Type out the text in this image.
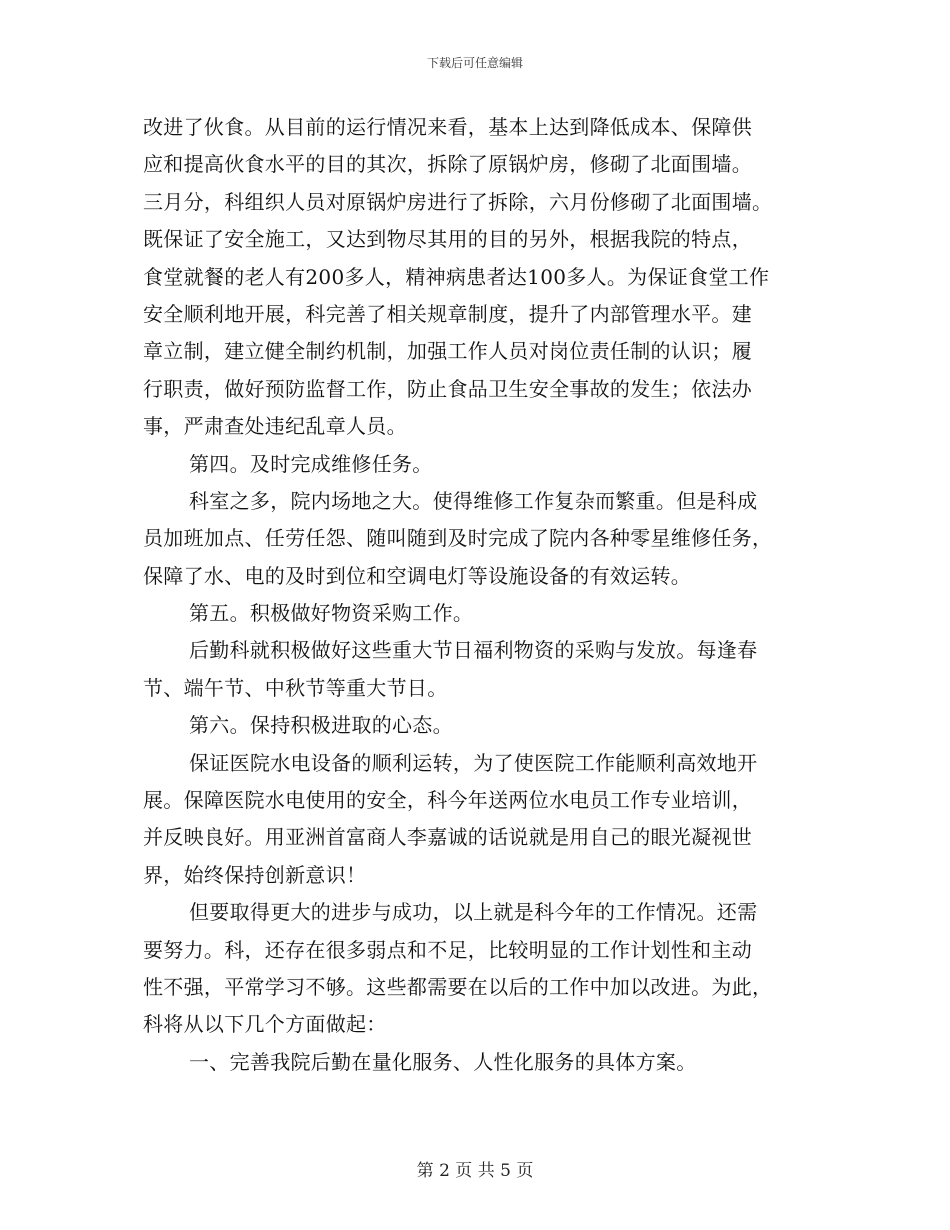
下载后可任意编辑
改进了伙食。从目前的运行情况来看，基本上达到降低成本、保障供
应和提高伙食水平的目的其次，拆除了原锅炉房，修砌了北面围墙。
三月分，科组织人员对原锅炉房进行了拆除，六月份修砌了北面围墙。
既保证了安全施工，又达到物尽其用的目的另外，根据我院的特点，
食堂就餐的老人有200多人，精神病患者达100多人。为保证食堂工作
安全顺利地开展，科完善了相关规章制度，提升了内部管理水平。建
章立制，建立健全制约机制，加强工作人员对岗位责任制的认识；履
行职责，做好预防监督工作，防止食品卫生安全事故的发生；依法办
事，严肃查处违纪乱章人员。
第四。及时完成维修任务。
科室之多，院内场地之大。使得维修工作复杂而繁重。但是科成
员加班加点、任劳任怨、随叫随到及时完成了院内各种零星维修任务，
保障了水、电的及时到位和空调电灯等设施设备的有效运转。
第五。积极做好物资采购工作。
后勤科就积极做好这些重大节日福利物资的采购与发放。每逢春
节、端午节、中秋节等重大节日。
第六。保持积极进取的心态。
保证医院水电设备的顺利运转，为了使医院工作能顺利高效地开
展。保障医院水电使用的安全，科今年送两位水电员工作专业培训，
并反映良好。用亚洲首富商人李嘉诚的话说就是用自己的眼光凝视世
界，始终保持创新意识！
但要取得更大的进步与成功，以上就是科今年的工作情况。还需
要努力。科，还存在很多弱点和不足，比较明显的工作计划性和主动
性不强，平常学习不够。这些都需要在以后的工作中加以改进。为此，
科将从以下几个方面做起：
一、完善我院后勤在量化服务、人性化服务的具体方案。
第 2 页 共 5 页
